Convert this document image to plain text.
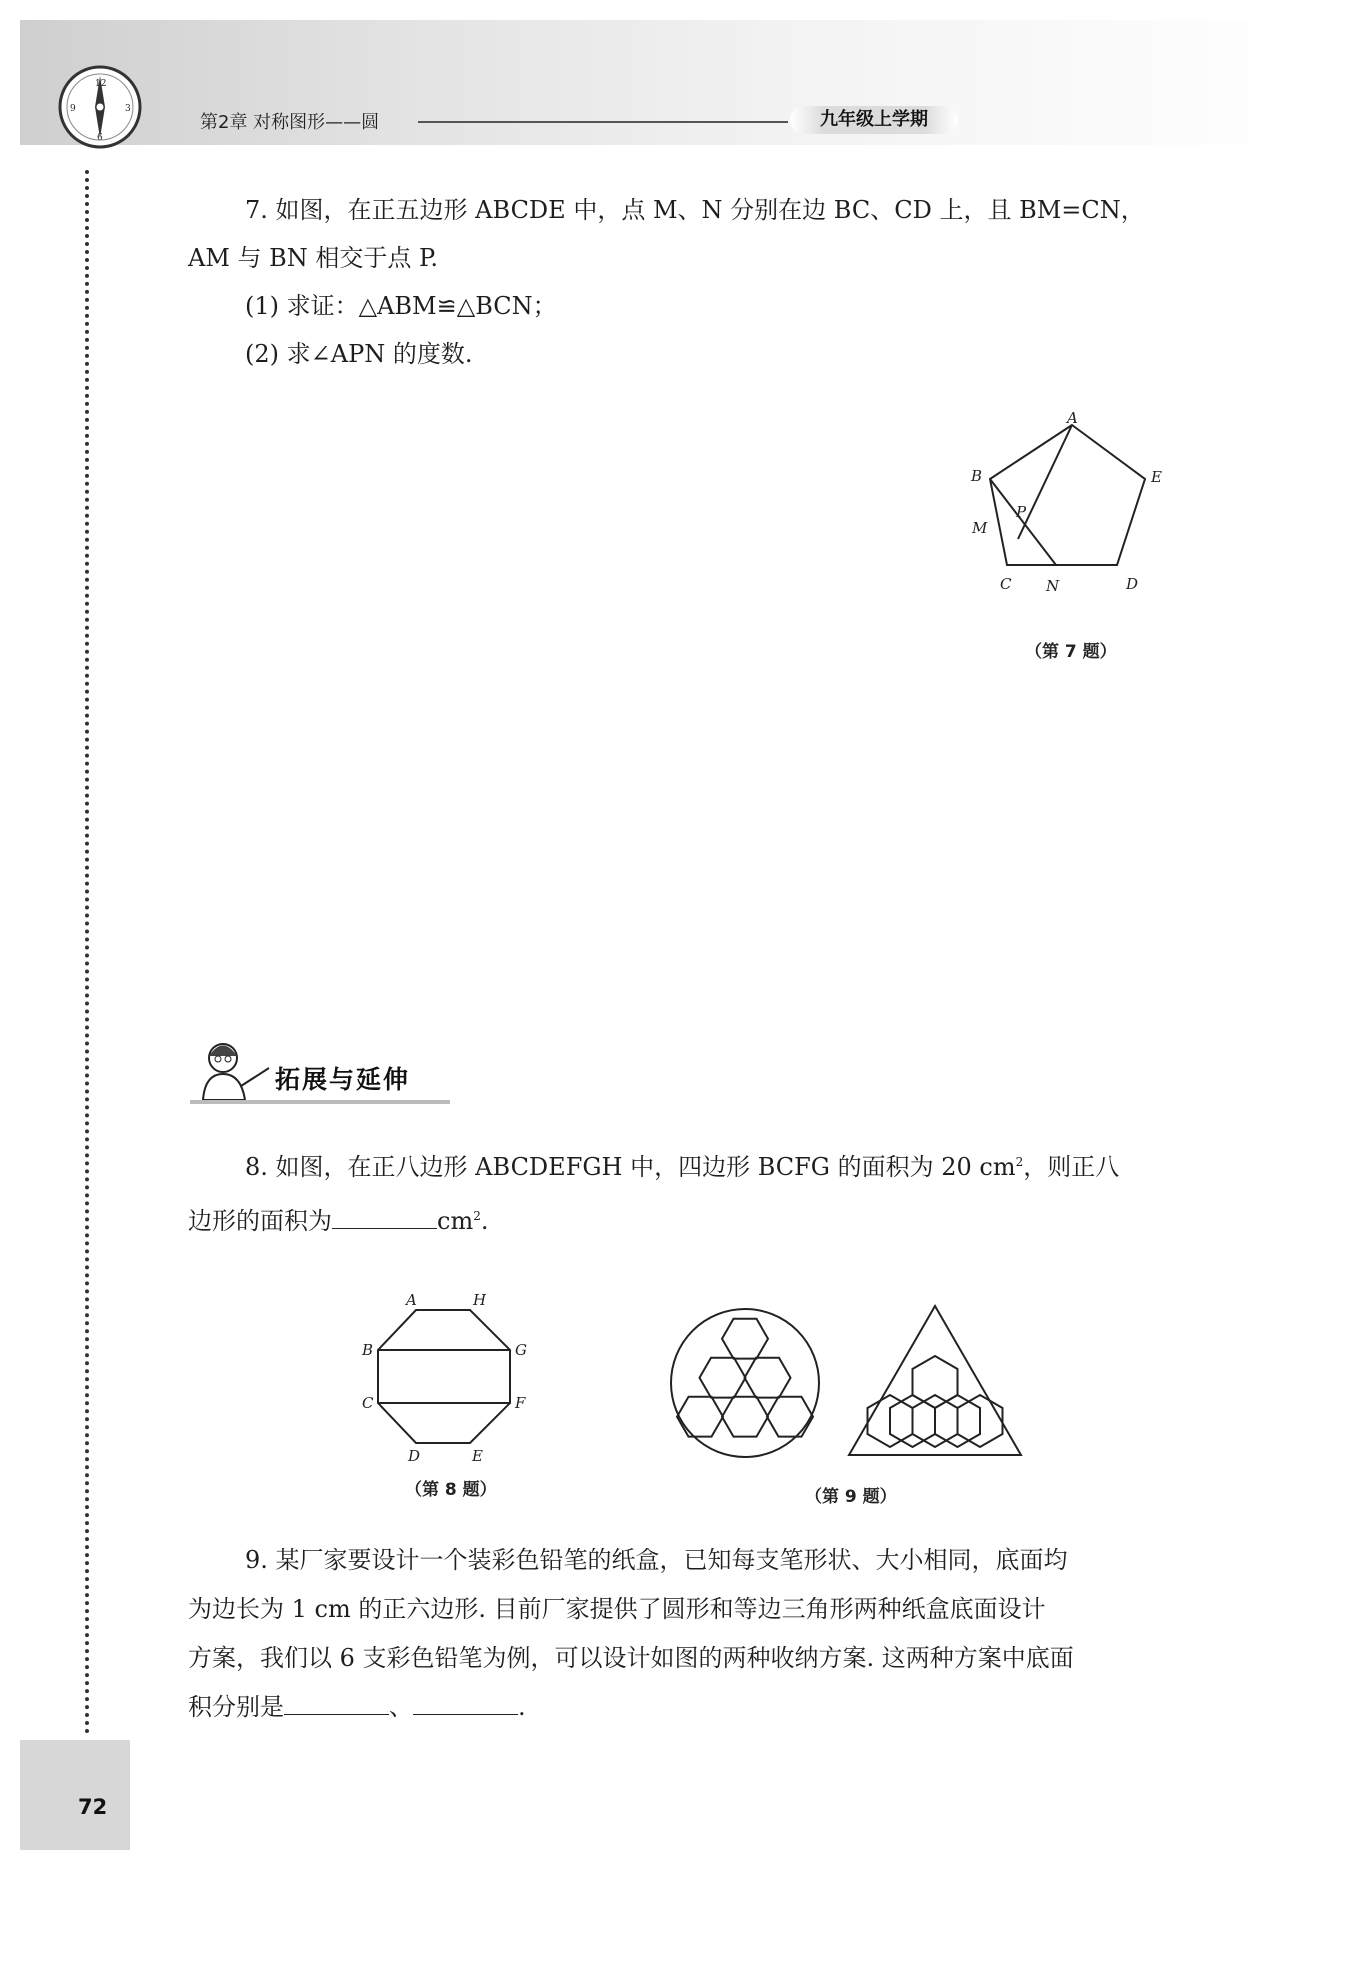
12
3
6
9
第2章 对称图形——圆	九年级上学期
7. 如图，在正五边形 ABCDE 中，点 M、N 分别在边 BC、CD 上，且 BM=CN，
AM 与 BN 相交于点 P.
(1) 求证：△ABM≌△BCN；
(2) 求∠APN 的度数.
A
B
C	D
E
M
N
P
（第 7 题）
拓展与延伸
8. 如图，在正八边形 ABCDEFGH 中，四边形 BCFG 的面积为 20 $cm^2$，则正八
边形的面积为	$cm^2$.
A	H
B	G
C	F
D	E
（第 8 题）	（第 9 题）
9. 某厂家要设计一个装彩色铅笔的纸盒，已知每支笔形状、大小相同，底面均
为边长为 1 cm 的正六边形. 目前厂家提供了圆形和等边三角形两种纸盒底面设计
方案，我们以 6 支彩色铅笔为例，可以设计如图的两种收纳方案. 这两种方案中底面
积分别是	、	.
72
